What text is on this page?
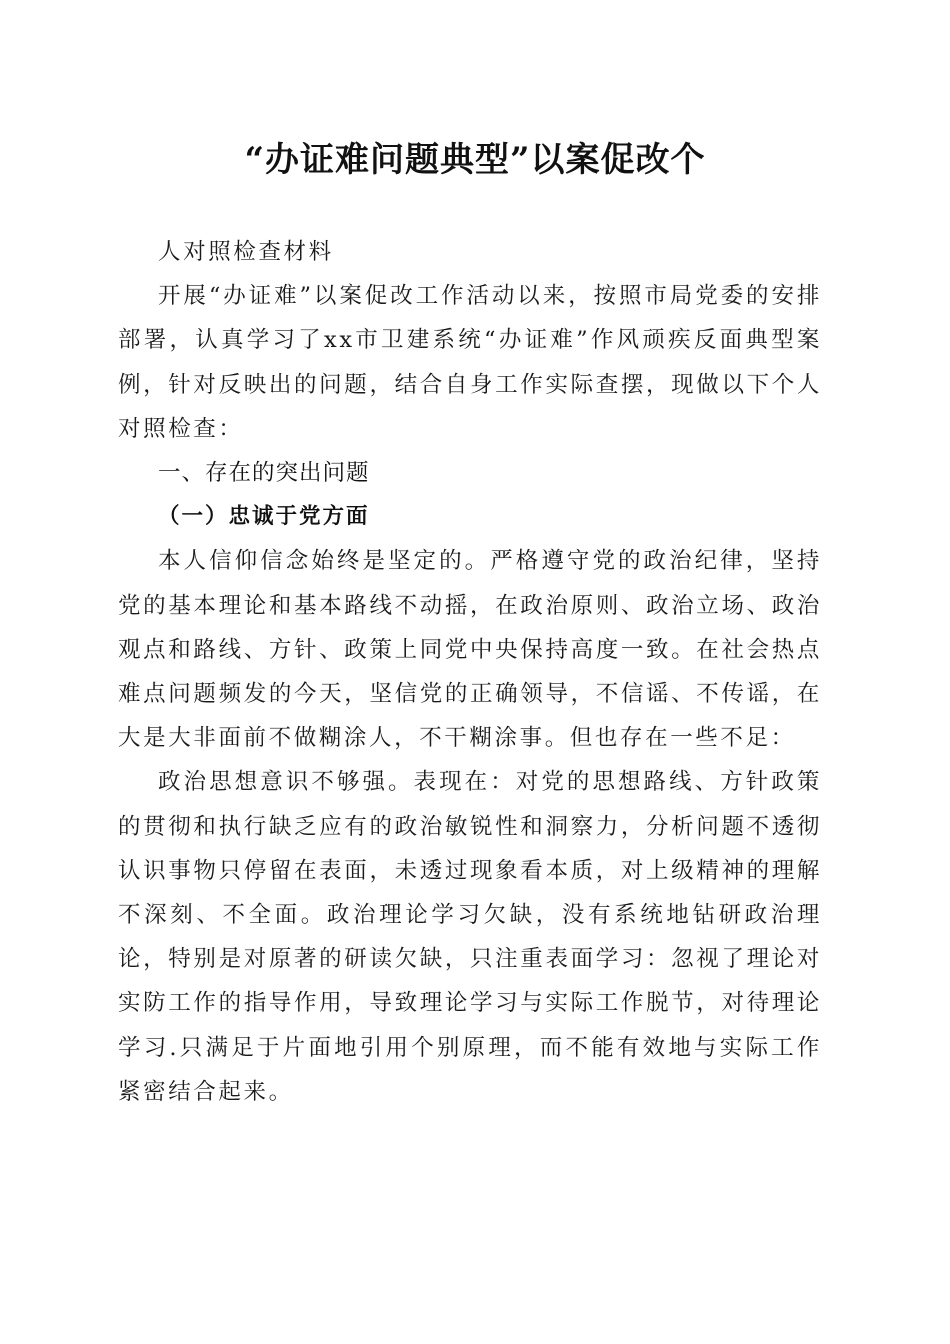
“办证难问题典型”以案促改个

人对照检查材料

开展“办证难”以案促改工作活动以来，按照市局党委的安排部署，认真学习了xx市卫建系统“办证难”作风顽疾反面典型案例，针对反映出的问题，结合自身工作实际查摆，现做以下个人对照检查：

一、存在的突出问题

（一）忠诚于党方面

本人信仰信念始终是坚定的。严格遵守党的政治纪律，坚持党的基本理论和基本路线不动摇，在政治原则、政治立场、政治观点和路线、方针、政策上同党中央保持高度一致。在社会热点难点问题频发的今天，坚信党的正确领导，不信谣、不传谣，在大是大非面前不做糊涂人，不干糊涂事。但也存在一些不足：

政治思想意识不够强。表现在：对党的思想路线、方针政策的贯彻和执行缺乏应有的政治敏锐性和洞察力，分析问题不透彻认识事物只停留在表面，未透过现象看本质，对上级精神的理解不深刻、不全面。政治理论学习欠缺，没有系统地钻研政治理论，特别是对原著的研读欠缺，只注重表面学习：忽视了理论对实防工作的指导作用，导致理论学习与实际工作脱节，对待理论学习.只满足于片面地引用个别原理，而不能有效地与实际工作紧密结合起来。
